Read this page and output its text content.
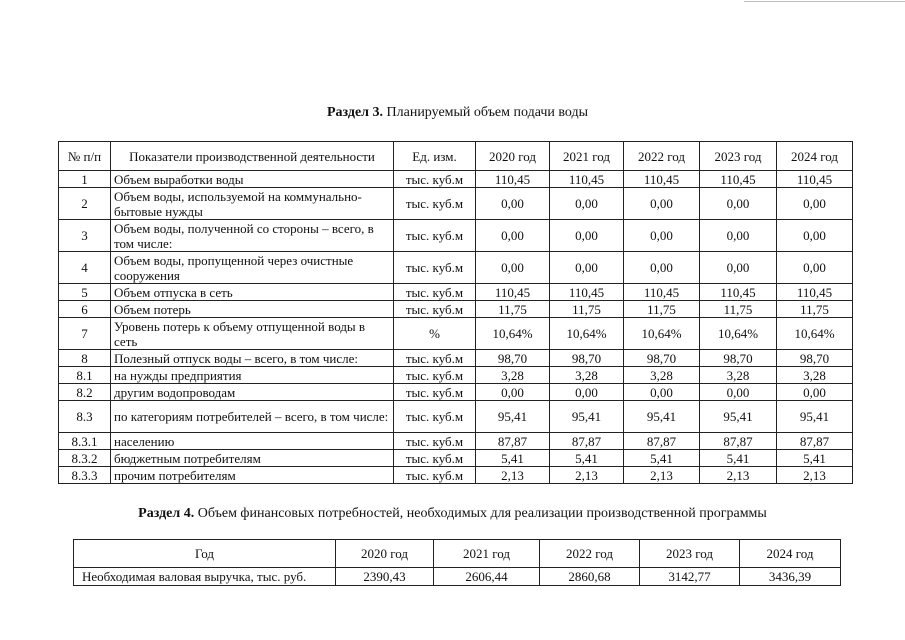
Раздел 3. Планируемый объем подачи воды
№ п/п	Показатели производственной деятельности	Ед. изм.	2020 год	2021 год	2022 год	2023 год	2024 год
1	Объем выработки воды	тыс. куб.м	110,45	110,45	110,45	110,45	110,45
2	Объем воды, используемой на коммунально-бытовые нужды	тыс. куб.м	0,00	0,00	0,00	0,00	0,00
3	Объем воды, полученной со стороны – всего, в том числе:	тыс. куб.м	0,00	0,00	0,00	0,00	0,00
4	Объем воды, пропущенной через очистные сооружения	тыс. куб.м	0,00	0,00	0,00	0,00	0,00
5	Объем отпуска в сеть	тыс. куб.м	110,45	110,45	110,45	110,45	110,45
6	Объем потерь	тыс. куб.м	11,75	11,75	11,75	11,75	11,75
7	Уровень потерь к объему отпущенной воды в сеть	%	10,64%	10,64%	10,64%	10,64%	10,64%
8	Полезный отпуск воды – всего, в том числе:	тыс. куб.м	98,70	98,70	98,70	98,70	98,70
8.1	на нужды предприятия	тыс. куб.м	3,28	3,28	3,28	3,28	3,28
8.2	другим водопроводам	тыс. куб.м	0,00	0,00	0,00	0,00	0,00
8.3	по категориям потребителей – всего, в том числе:	тыс. куб.м	95,41	95,41	95,41	95,41	95,41
8.3.1	населению	тыс. куб.м	87,87	87,87	87,87	87,87	87,87
8.3.2	бюджетным потребителям	тыс. куб.м	5,41	5,41	5,41	5,41	5,41
8.3.3	прочим потребителям	тыс. куб.м	2,13	2,13	2,13	2,13	2,13
Раздел 4. Объем финансовых потребностей, необходимых для реализации производственной программы
Год	2020 год	2021 год	2022 год	2023 год	2024 год
Необходимая валовая выручка, тыс. руб.	2390,43	2606,44	2860,68	3142,77	3436,39
